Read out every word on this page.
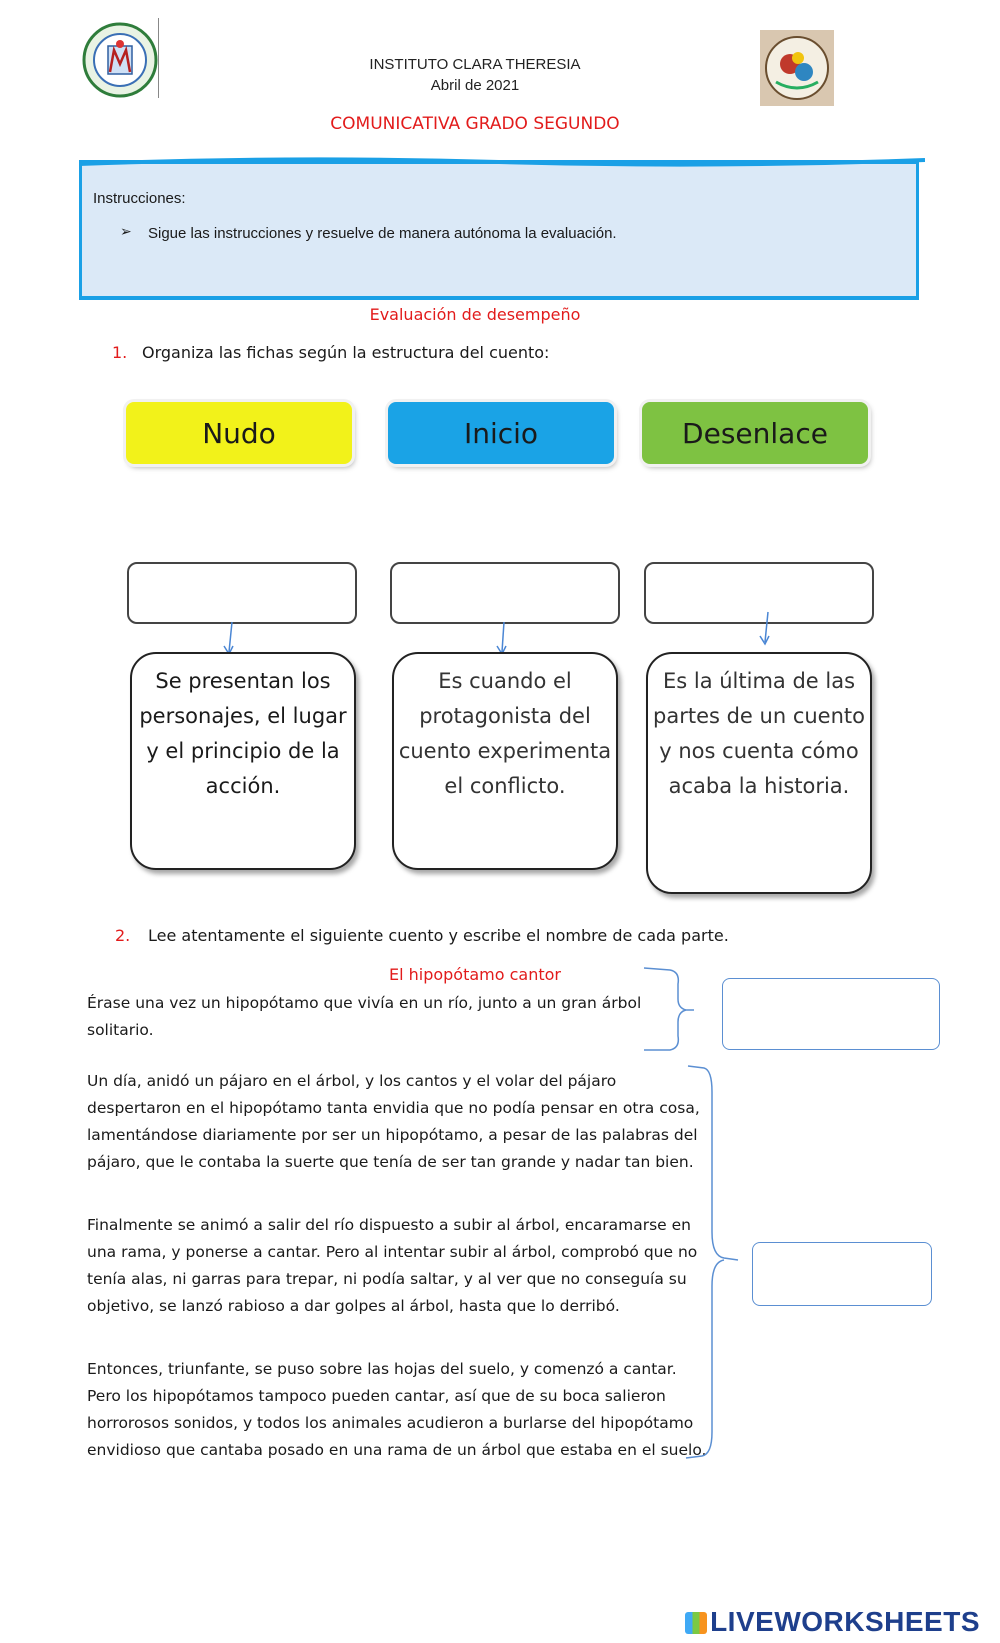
INSTITUTO CLARA THERESIA
Abril de 2021
COMUNICATIVA GRADO SEGUNDO
Instrucciones:
➢ Sigue las instrucciones y resuelve de manera autónoma la evaluación.
Evaluación de desempeño
1. Organiza las fichas según la estructura del cuento:
Nudo	Inicio	Desenlace
Se presentan los personajes, el lugar y el principio de la acción.
Es cuando el protagonista del cuento experimenta el conflicto.
Es la última de las partes de un cuento y nos cuenta cómo acaba la historia.
2. Lee atentamente el siguiente cuento y escribe el nombre de cada parte.
El hipopótamo cantor
Érase una vez un hipopótamo que vivía en un río, junto a un gran árbol solitario.
Un día, anidó un pájaro en el árbol, y los cantos y el volar del pájaro despertaron en el hipopótamo tanta envidia que no podía pensar en otra cosa, lamentándose diariamente por ser un hipopótamo, a pesar de las palabras del pájaro, que le contaba la suerte que tenía de ser tan grande y nadar tan bien.
Finalmente se animó a salir del río dispuesto a subir al árbol, encaramarse en una rama, y ponerse a cantar. Pero al intentar subir al árbol, comprobó que no tenía alas, ni garras para trepar, ni podía saltar, y al ver que no conseguía su objetivo, se lanzó rabioso a dar golpes al árbol, hasta que lo derribó.
Entonces, triunfante, se puso sobre las hojas del suelo, y comenzó a cantar. Pero los hipopótamos tampoco pueden cantar, así que de su boca salieron horrorosos sonidos, y todos los animales acudieron a burlarse del hipopótamo envidioso que cantaba posado en una rama de un árbol que estaba en el suelo.
LIVEWORKSHEETS
